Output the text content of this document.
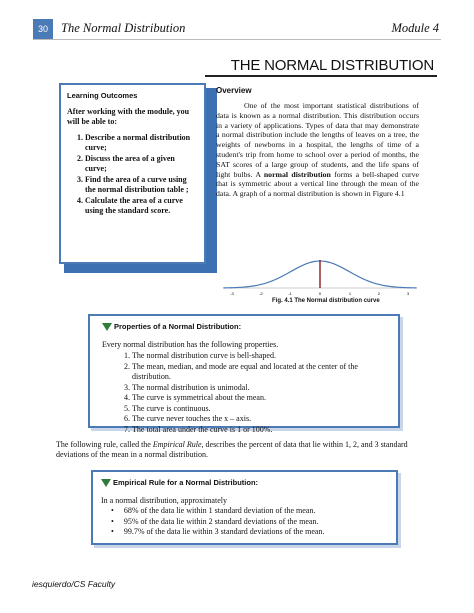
30	The Normal Distribution	Module 4
THE NORMAL DISTRIBUTION
Learning Outcomes
After working with the module, you will be able to:
1. Describe a normal distribution curve;
2. Discuss the area of a given curve;
3. Find the area of a curve using the normal distribution table ;
4. Calculate the area of a curve using the standard score.
Overview
One of the most important statistical distributions of data is known as a normal distribution. This distribution occurs in a variety of applications. Types of data that may demonstrate a normal distribution include the lengths of leaves on a tree, the weights of newborns in a hospital, the lengths of time of a student's trip from home to school over a period of months, the SAT scores of a large group of students, and the life spans of light bulbs. A normal distribution forms a bell-shaped curve that is symmetric about a vertical line through the mean of the data. A graph of a normal distribution is shown in Figure 4.1
-3	-2	-1	0	1	2	3
Fig. 4.1 The Normal distribution curve
Properties of a Normal Distribution:
Every normal distribution has the following properties.
1. The normal distribution curve is bell-shaped.
2. The mean, median, and mode are equal and located at the center of the distribution.
3. The normal distribution is unimodal.
4. The curve is symmetrical about the mean.
5. The curve is continuous.
6. The curve never touches the x – axis.
7. The total area under the curve is 1 or 100%.
The following rule, called the Empirical Rule, describes the percent of data that lie within 1, 2, and 3 standard deviations of the mean in a normal distribution.
Empirical Rule for a Normal Distribution:
In a normal distribution, approximately
• 68% of the data lie within 1 standard deviation of the mean.
• 95% of the data lie within 2 standard deviations of the mean.
• 99.7% of the data lie within 3 standard deviations of the mean.
iesquierdo/CS Faculty
